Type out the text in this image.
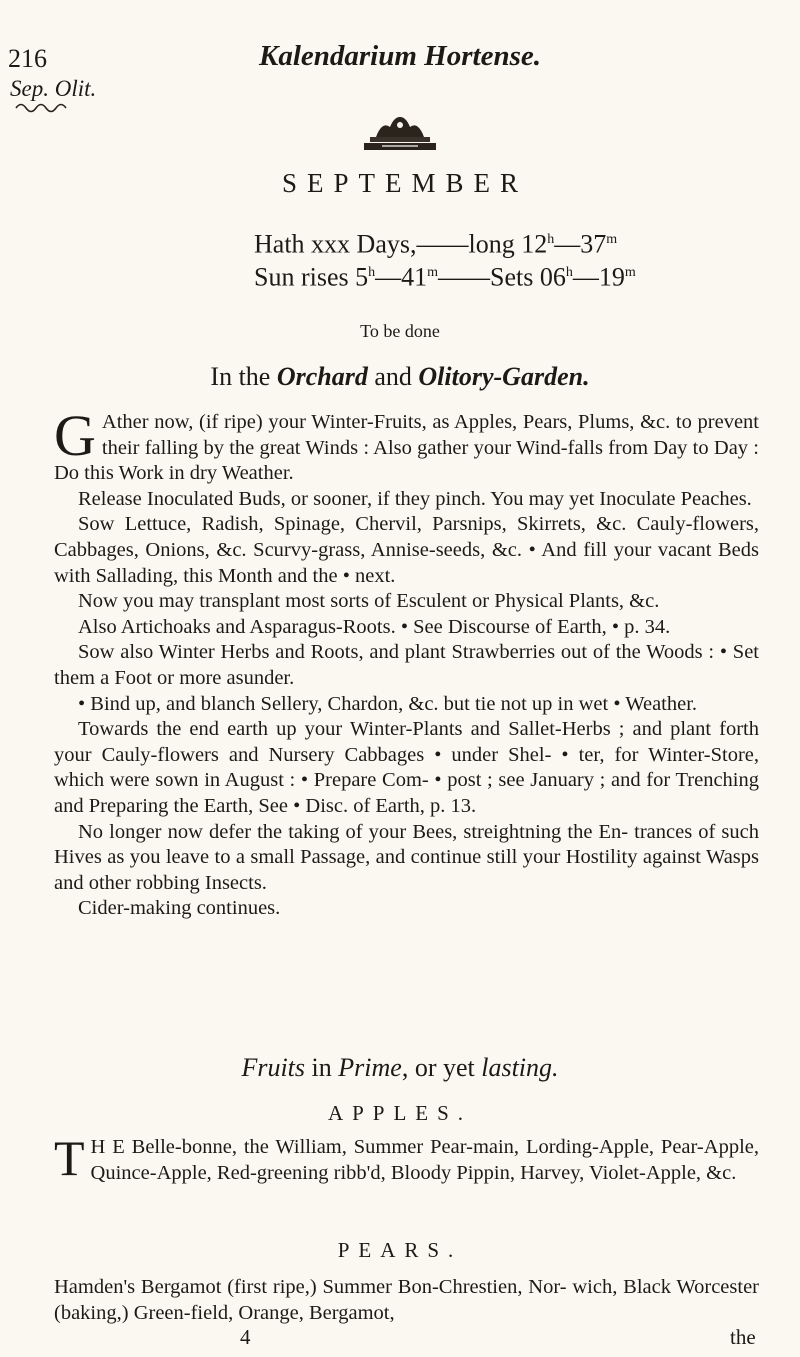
216	Kalendarium Hortense.
Sep. Olit.
SEPTEMBER
Hath xxx Days,——long 12$^h$—37$^m$
Sun rises 5$^h$—41$^m$——Sets 06$^h$—19$^m$
To be done
In the Orchard and Olitory-Garden.

G Ather now, (if ripe) your Winter-Fruits, as Apples, Pears, Plums, &c. to prevent their falling by the great Winds : Also gather your Wind-falls from Day to Day : Do this Work in dry Weather.

Release Inoculated Buds, or sooner, if they pinch. You may yet Inoculate Peaches.

Sow Lettuce, Radish, Spinage, Chervil, Parsnips, Skirrets, &c. Cauly-flowers, Cabbages, Onions, &c. Scurvy-grass, Annise-seeds, &c. • And fill your vacant Beds with Sallading, this Month and the • next.

Now you may transplant most sorts of Esculent or Physical Plants, &c.

Also Artichoaks and Asparagus-Roots. • See Discourse of Earth, • p. 34.

Sow also Winter Herbs and Roots, and plant Strawberries out of the Woods : • Set them a Foot or more asunder.

• Bind up, and blanch Sellery, Chardon, &c. but tie not up in wet • Weather.

Towards the end earth up your Winter-Plants and Sallet-Herbs ; and plant forth your Cauly-flowers and Nursery Cabbages • under Shel- • ter, for Winter-Store, which were sown in August : • Prepare Com- • post ; see January ; and for Trenching and Preparing the Earth, See • Disc. of Earth, p. 13.

No longer now defer the taking of your Bees, streightning the En- trances of such Hives as you leave to a small Passage, and continue still your Hostility against Wasps and other robbing Insects.

Cider-making continues.

Fruits in Prime, or yet lasting.
APPLES.
T H E Belle-bonne, the William, Summer Pear-main, Lording-Apple, Pear-Apple, Quince-Apple, Red-greening ribb'd, Bloody Pippin, Harvey, Violet-Apple, &c.
PEARS.
Hamden's Bergamot (first ripe,) Summer Bon-Chrestien, Nor- wich, Black Worcester (baking,) Green-field, Orange, Bergamot,
4	the
